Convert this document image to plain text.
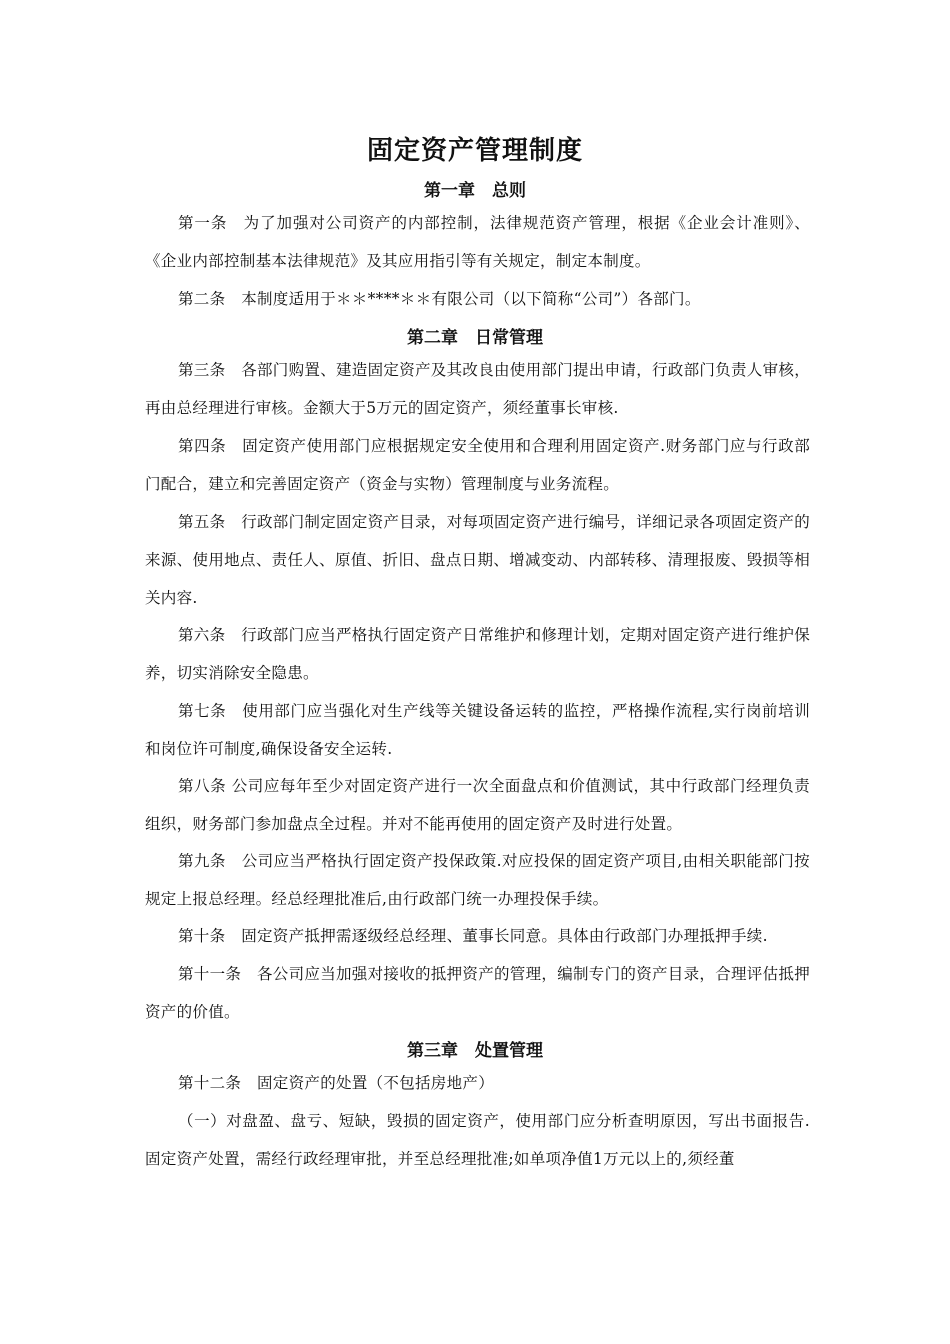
固定资产管理制度
第一章　总则

第一条　为了加强对公司资产的内部控制，法律规范资产管理，根据《企业会计准则》、《企业内部控制基本法律规范》及其应用指引等有关规定，制定本制度。

第二条　本制度适用于＊＊****＊＊有限公司（以下简称“公司”）各部门。

第二章　日常管理

第三条　各部门购置、建造固定资产及其改良由使用部门提出申请，行政部门负责人审核，再由总经理进行审核。金额大于5万元的固定资产，须经董事长审核.

第四条　固定资产使用部门应根据规定安全使用和合理利用固定资产.财务部门应与行政部门配合，建立和完善固定资产（资金与实物）管理制度与业务流程。

第五条　行政部门制定固定资产目录，对每项固定资产进行编号，详细记录各项固定资产的来源、使用地点、责任人、原值、折旧、盘点日期、增减变动、内部转移、清理报废、毁损等相关内容.

第六条　行政部门应当严格执行固定资产日常维护和修理计划，定期对固定资产进行维护保养，切实消除安全隐患。

第七条　使用部门应当强化对生产线等关键设备运转的监控，严格操作流程,实行岗前培训和岗位许可制度,确保设备安全运转.

第八条 公司应每年至少对固定资产进行一次全面盘点和价值测试，其中行政部门经理负责组织，财务部门参加盘点全过程。并对不能再使用的固定资产及时进行处置。

第九条　公司应当严格执行固定资产投保政策.对应投保的固定资产项目,由相关职能部门按规定上报总经理。经总经理批准后,由行政部门统一办理投保手续。

第十条　固定资产抵押需逐级经总经理、董事长同意。具体由行政部门办理抵押手续.

第十一条　各公司应当加强对接收的抵押资产的管理，编制专门的资产目录，合理评估抵押资产的价值。

第三章　处置管理

第十二条　固定资产的处置（不包括房地产）

（一）对盘盈、盘亏、短缺，毁损的固定资产，使用部门应分析查明原因，写出书面报告.固定资产处置，需经行政经理审批，并至总经理批准;如单项净值1万元以上的,须经董
